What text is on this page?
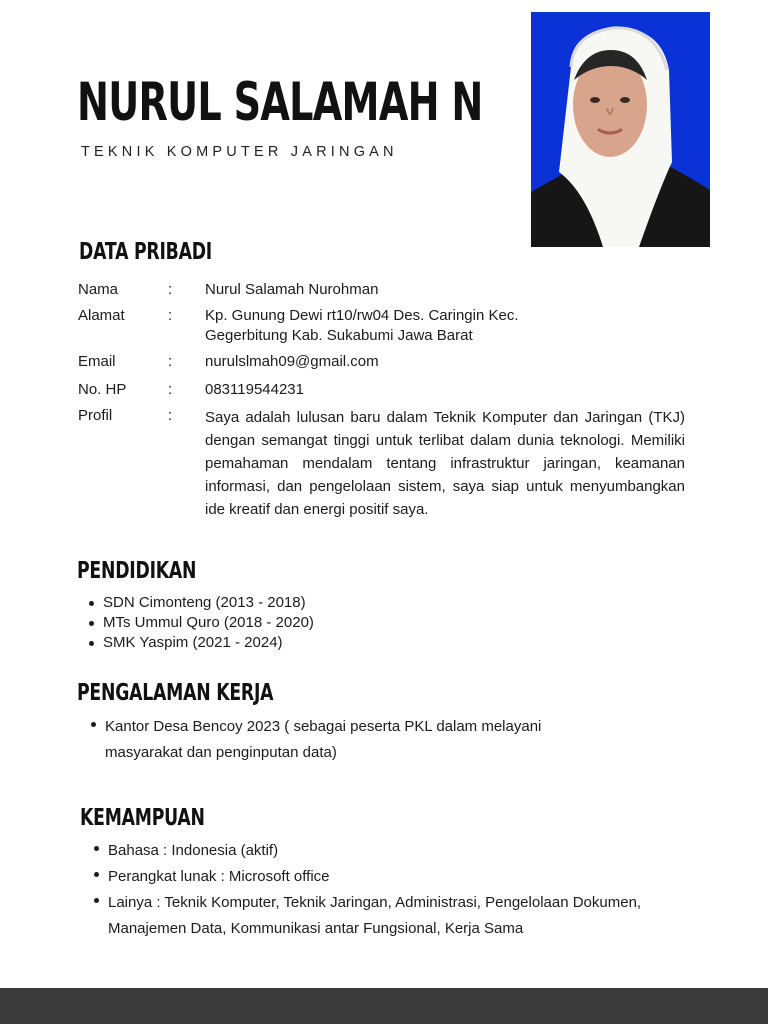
NURUL SALAMAH N
TEKNIK KOMPUTER JARINGAN
DATA PRIBADI
Nama	: Nurul Salamah Nurohman
Alamat	: Kp. Gunung Dewi rt10/rw04 Des. Caringin Kec. Gegerbitung Kab. Sukabumi Jawa Barat
Email	: nurulslmah09@gmail.com
No. HP	: 083119544231
Profil	: Saya adalah lulusan baru dalam Teknik Komputer dan Jaringan (TKJ) dengan semangat tinggi untuk terlibat dalam dunia teknologi. Memiliki pemahaman mendalam tentang infrastruktur jaringan, keamanan informasi, dan pengelolaan sistem, saya siap untuk menyumbangkan ide kreatif dan energi positif saya.
PENDIDIKAN
SDN Cimonteng (2013 - 2018)
MTs Ummul Quro (2018 - 2020)
SMK Yaspim (2021 - 2024)
PENGALAMAN KERJA
Kantor Desa Bencoy 2023 ( sebagai peserta PKL dalam melayani masyarakat dan penginputan data)
KEMAMPUAN
Bahasa : Indonesia (aktif)
Perangkat lunak : Microsoft office
Lainya : Teknik Komputer, Teknik Jaringan, Administrasi, Pengelolaan Dokumen, Manajemen Data, Kommunikasi antar Fungsional, Kerja Sama
